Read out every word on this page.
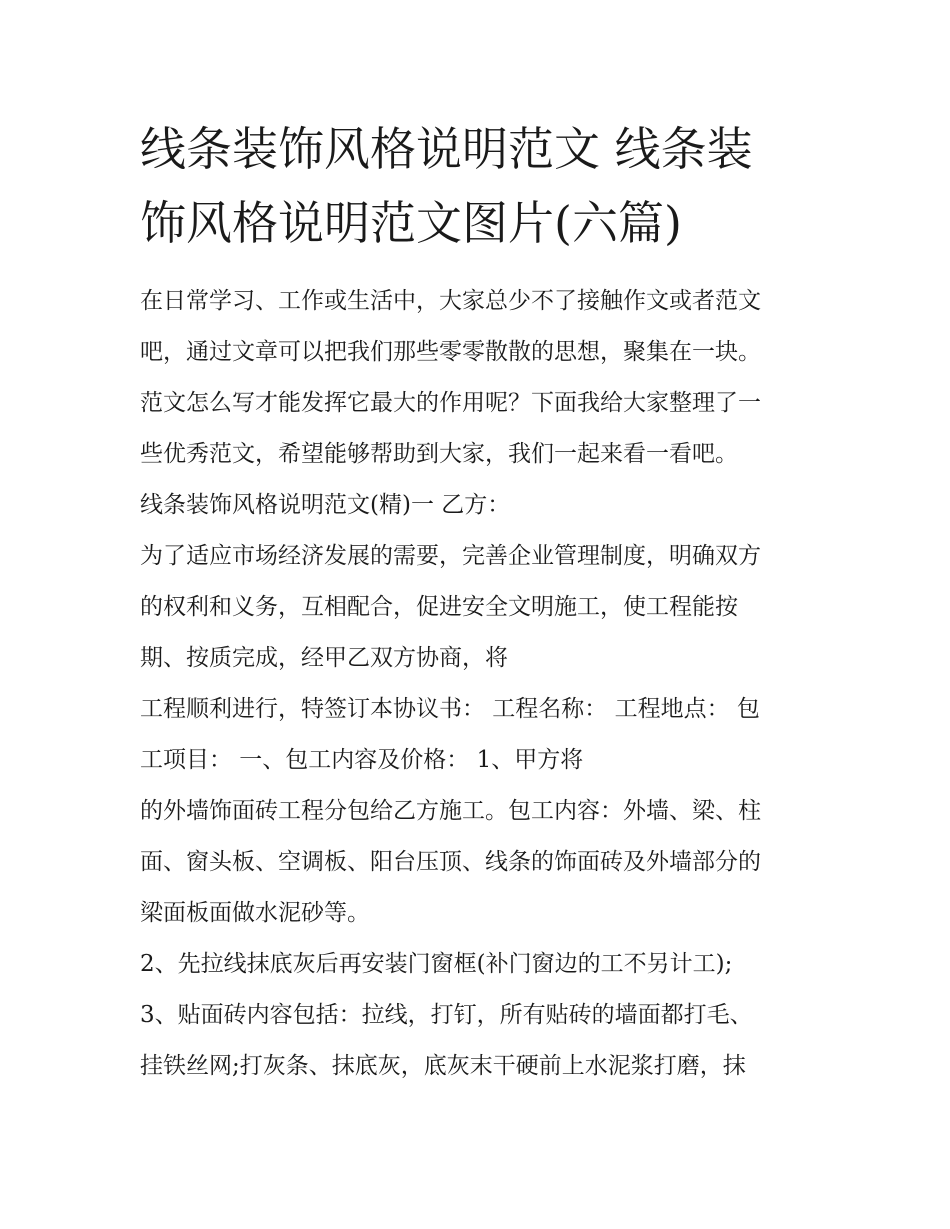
线条装饰风格说明范文 线条装
饰风格说明范文图片(六篇)
在日常学习、工作或生活中，大家总少不了接触作文或者范文
吧，通过文章可以把我们那些零零散散的思想，聚集在一块。
范文怎么写才能发挥它最大的作用呢？下面我给大家整理了一
些优秀范文，希望能够帮助到大家，我们一起来看一看吧。
线条装饰风格说明范文(精)一 乙方：
为了适应市场经济发展的需要，完善企业管理制度，明确双方
的权利和义务，互相配合，促进安全文明施工，使工程能按
期、按质完成，经甲乙双方协商，将
工程顺利进行，特签订本协议书： 工程名称： 工程地点： 包
工项目： 一、包工内容及价格： 1、甲方将
的外墙饰面砖工程分包给乙方施工。包工内容：外墙、梁、柱
面、窗头板、空调板、阳台压顶、线条的饰面砖及外墙部分的
梁面板面做水泥砂等。
2、先拉线抹底灰后再安装门窗框(补门窗边的工不另计工);
3、贴面砖内容包括：拉线，打钉，所有贴砖的墙面都打毛、
挂铁丝网;打灰条、抹底灰，底灰末干硬前上水泥浆打磨，抹
